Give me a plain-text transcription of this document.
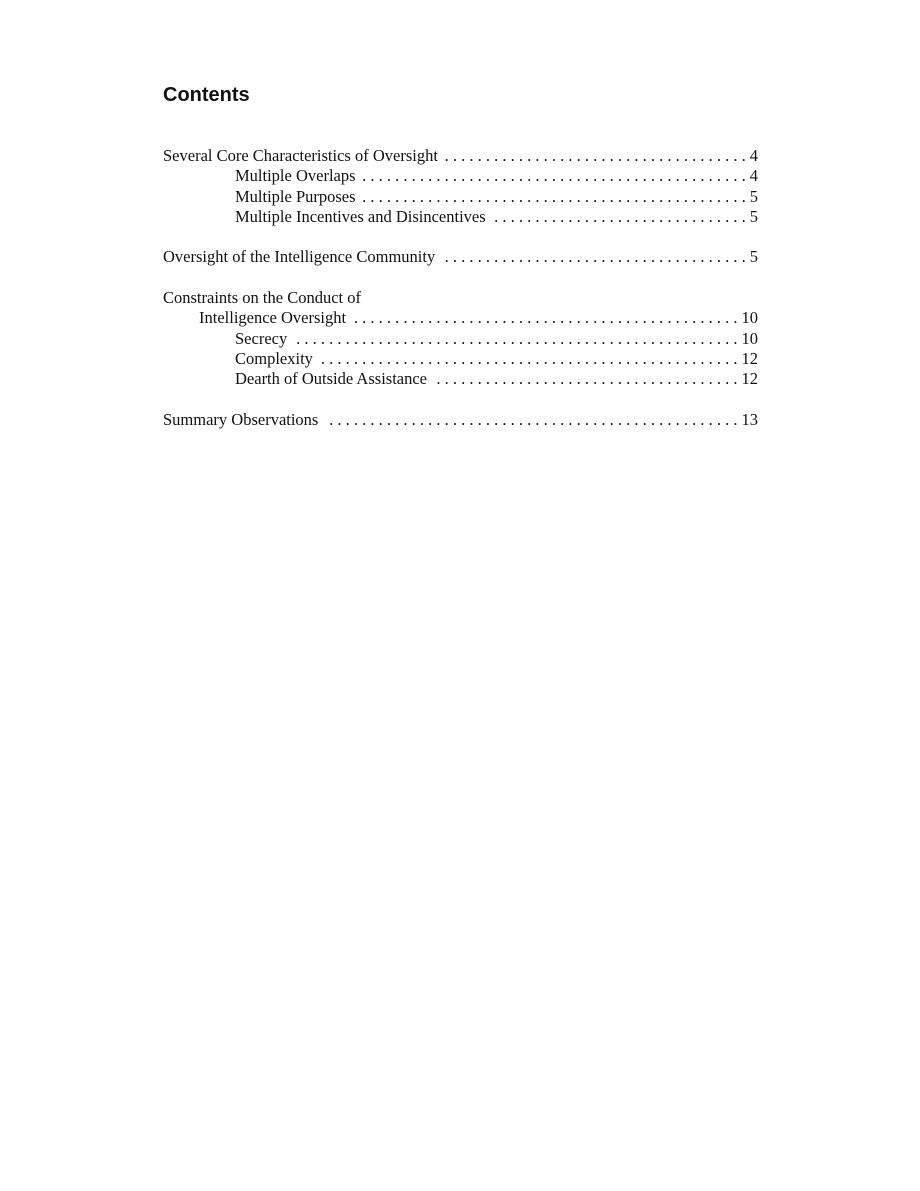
Contents
Several Core Characteristics of Oversight . . .	4
Multiple Overlaps . . .	4
Multiple Purposes . . .	5
Multiple Incentives and Disincentives . . .	5
Oversight of the Intelligence Community . . .	5
Constraints on the Conduct of
Intelligence Oversight . . .	10
Secrecy . . .	10
Complexity . . .	12
Dearth of Outside Assistance . . .	12
Summary Observations . . .	13
